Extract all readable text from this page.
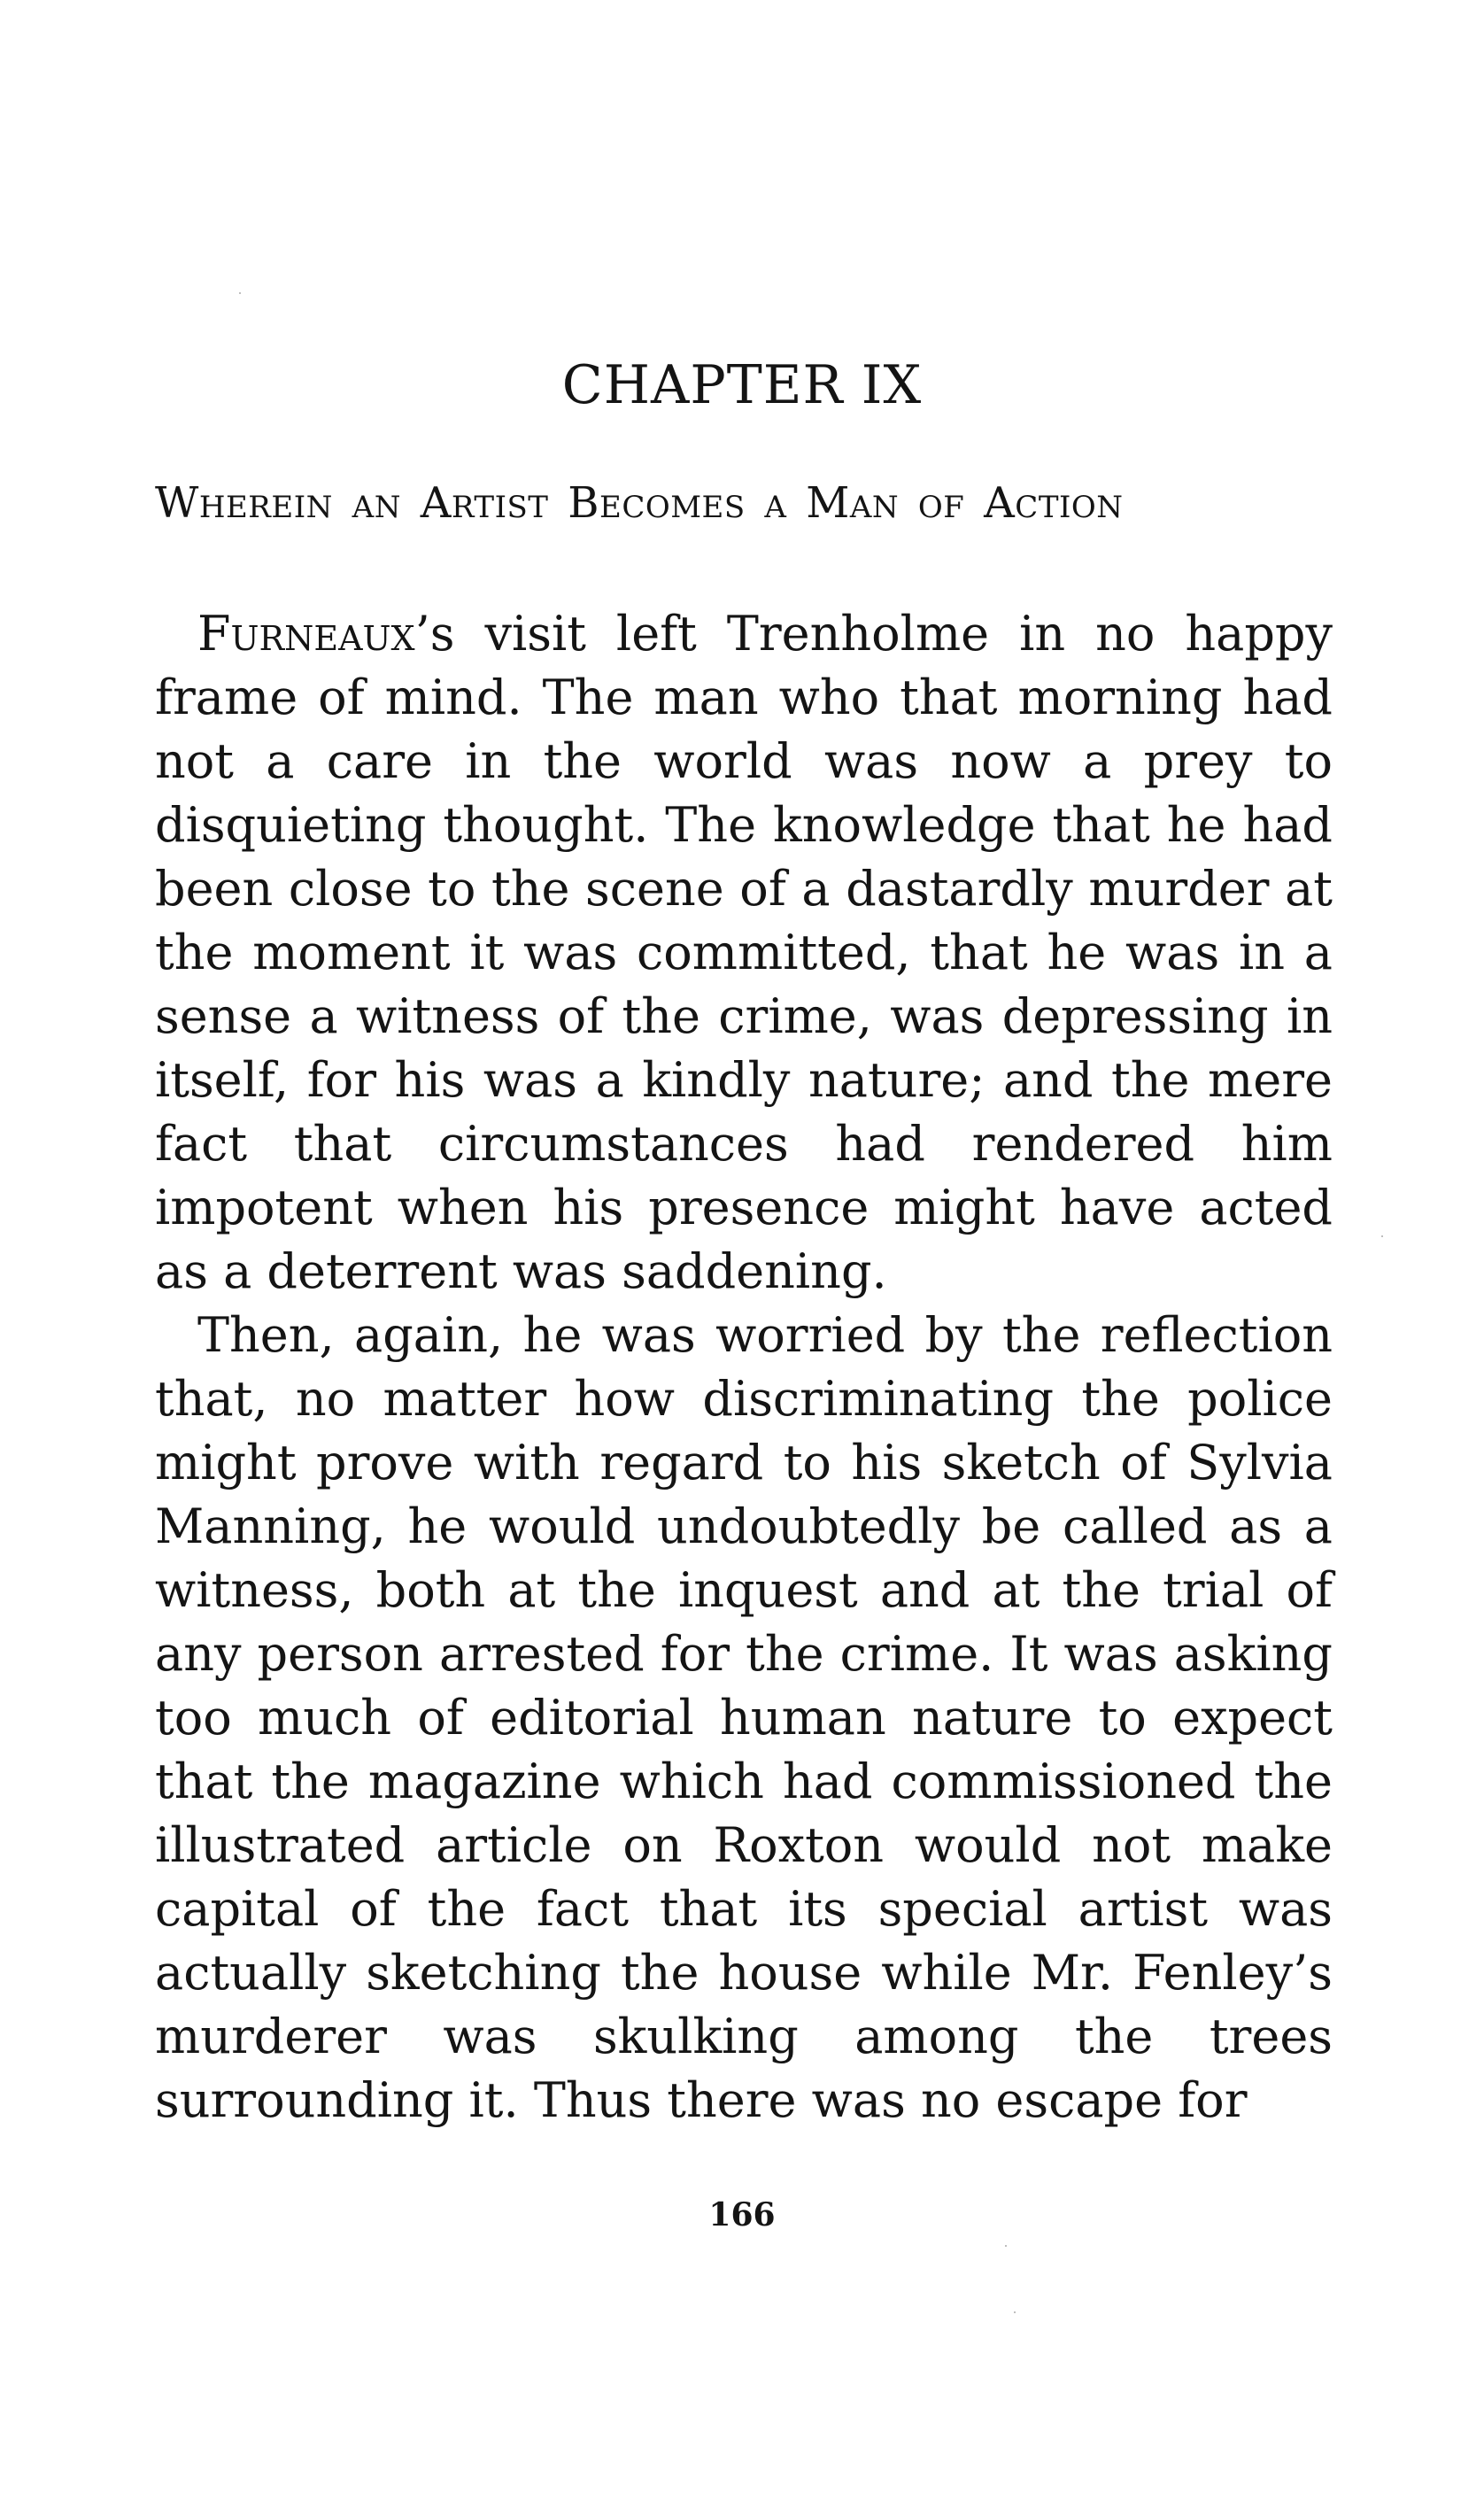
CHAPTER IX
Wherein an Artist Becomes a Man of Action

Furneaux’s visit left Trenholme in no happy frame of mind. The man who that morning had not a care in the world was now a prey to disquieting thought. The knowledge that he had been close to the scene of a dastardly murder at the moment it was committed, that he was in a sense a witness of the crime, was depressing in itself, for his was a kindly nature; and the mere fact that circumstances had rendered him impotent when his presence might have acted as a deterrent was saddening.

Then, again, he was worried by the reflection that, no matter how discriminating the police might prove with regard to his sketch of Sylvia Manning, he would undoubtedly be called as a witness, both at the inquest and at the trial of any person arrested for the crime. It was asking too much of editorial human nature to expect that the magazine which had commissioned the illustrated article on Roxton would not make capital of the fact that its special artist was actually sketching the house while Mr. Fenley’s murderer was skulking among the trees surrounding it. Thus there was no escape for

166
